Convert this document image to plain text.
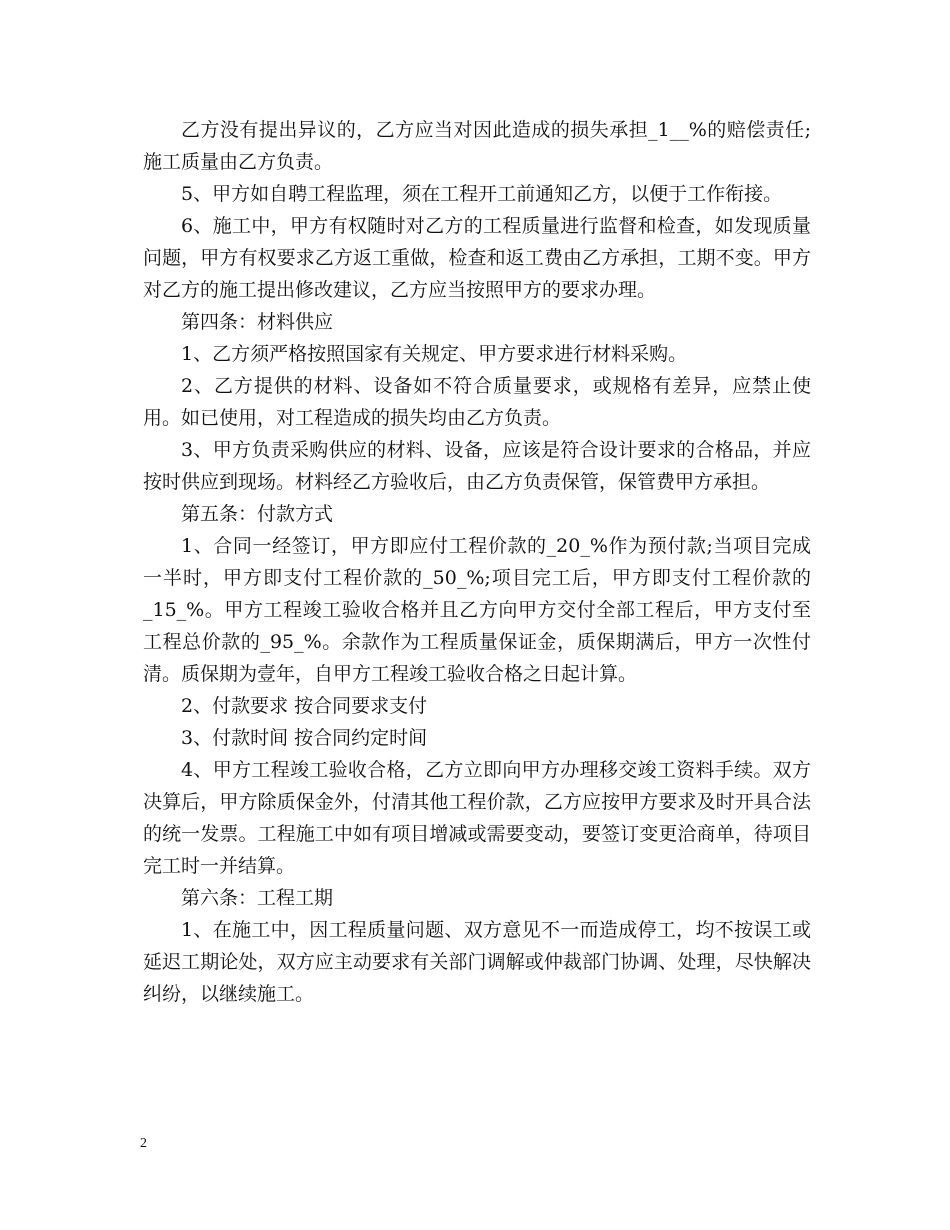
乙方没有提出异议的，乙方应当对因此造成的损失承担_1__%的赔偿责任;施工质量由乙方负责。

5、甲方如自聘工程监理，须在工程开工前通知乙方，以便于工作衔接。

6、施工中，甲方有权随时对乙方的工程质量进行监督和检查，如发现质量问题，甲方有权要求乙方返工重做，检查和返工费由乙方承担，工期不变。甲方对乙方的施工提出修改建议，乙方应当按照甲方的要求办理。

第四条：材料供应

1、乙方须严格按照国家有关规定、甲方要求进行材料采购。

2、乙方提供的材料、设备如不符合质量要求，或规格有差异，应禁止使用。如已使用，对工程造成的损失均由乙方负责。

3、甲方负责采购供应的材料、设备，应该是符合设计要求的合格品，并应按时供应到现场。材料经乙方验收后，由乙方负责保管，保管费甲方承担。

第五条：付款方式

1、合同一经签订，甲方即应付工程价款的_20_%作为预付款;当项目完成一半时，甲方即支付工程价款的_50_%;项目完工后，甲方即支付工程价款的_15_%。甲方工程竣工验收合格并且乙方向甲方交付全部工程后，甲方支付至工程总价款的_95_%。余款作为工程质量保证金，质保期满后，甲方一次性付清。质保期为壹年，自甲方工程竣工验收合格之日起计算。

2、付款要求 按合同要求支付

3、付款时间 按合同约定时间

4、甲方工程竣工验收合格，乙方立即向甲方办理移交竣工资料手续。双方决算后，甲方除质保金外，付清其他工程价款，乙方应按甲方要求及时开具合法的统一发票。工程施工中如有项目增减或需要变动，要签订变更洽商单，待项目完工时一并结算。

第六条：工程工期

1、在施工中，因工程质量问题、双方意见不一而造成停工，均不按误工或延迟工期论处，双方应主动要求有关部门调解或仲裁部门协调、处理，尽快解决纠纷，以继续施工。

2
